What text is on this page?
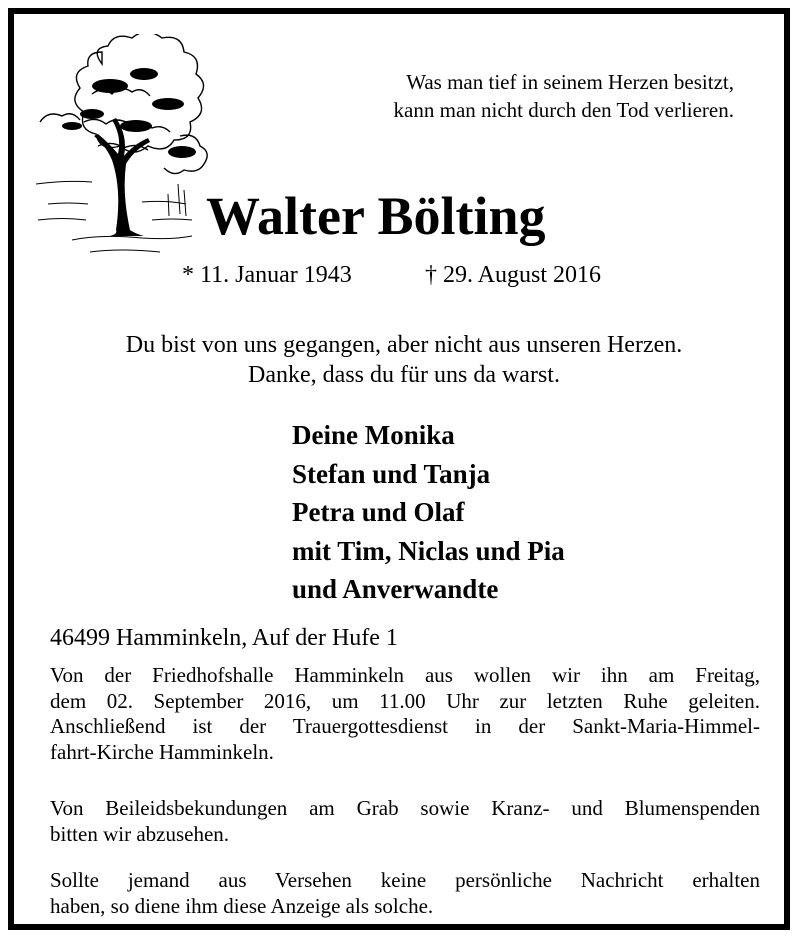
Was man tief in seinem Herzen besitzt,
kann man nicht durch den Tod verlieren.
Walter Bölting
* 11. Januar 1943	† 29. August 2016
Du bist von uns gegangen, aber nicht aus unseren Herzen.
Danke, dass du für uns da warst.
Deine Monika
Stefan und Tanja
Petra und Olaf
mit Tim, Niclas und Pia
und Anverwandte
46499 Hamminkeln, Auf der Hufe 1
Von der Friedhofshalle Hamminkeln aus wollen wir ihn am Freitag,
dem 02. September 2016, um 11.00 Uhr zur letzten Ruhe geleiten.
Anschließend ist der Trauergottesdienst in der Sankt-Maria-Himmel-
fahrt-Kirche Hamminkeln.
Von Beileidsbekundungen am Grab sowie Kranz- und Blumenspenden
bitten wir abzusehen.
Sollte jemand aus Versehen keine persönliche Nachricht erhalten
haben, so diene ihm diese Anzeige als solche.
